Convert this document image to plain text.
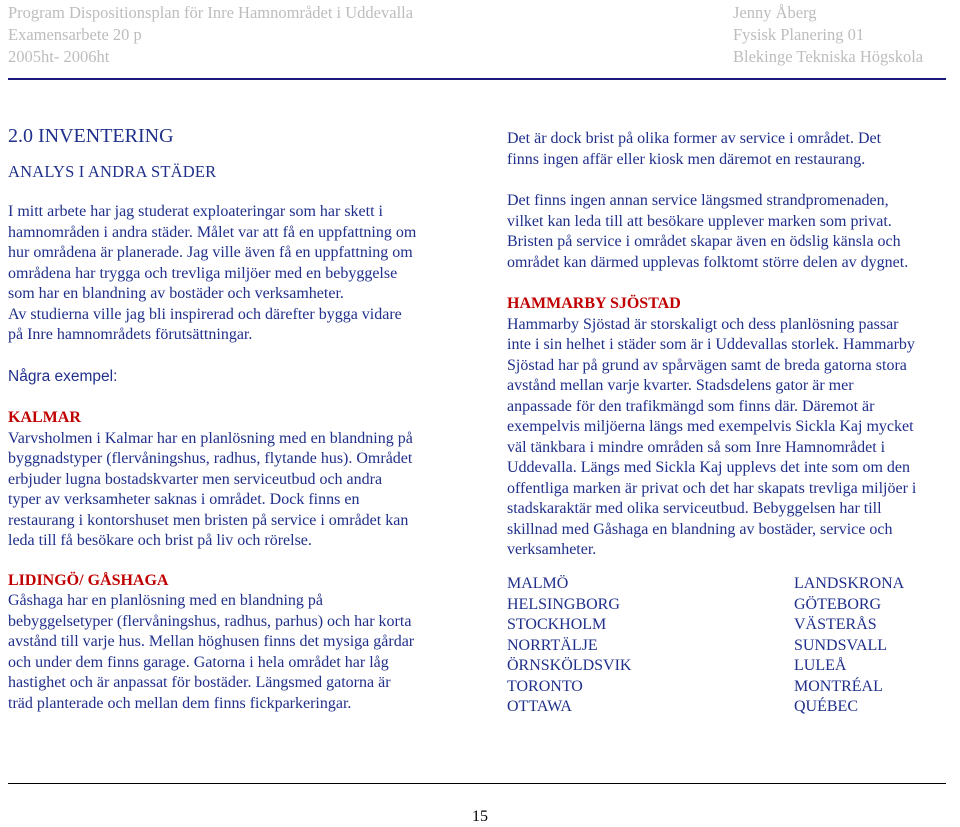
Program Dispositionsplan för Inre Hamnområdet i Uddevalla
Examensarbete 20 p
2005ht- 2006ht
Jenny Åberg
Fysisk Planering 01
Blekinge Tekniska Högskola

2.0 INVENTERING

ANALYS I ANDRA STÄDER

I mitt arbete har jag studerat exploateringar som har skett i

hamnområden i andra städer. Målet var att få en uppfattning om

hur områdena är planerade. Jag ville även få en uppfattning om

områdena har trygga och trevliga miljöer med en bebyggelse

som har en blandning av bostäder och verksamheter.

Av studierna ville jag bli inspirerad och därefter bygga vidare

på Inre hamnområdets förutsättningar.

Några exempel:

KALMAR

Varvsholmen i Kalmar har en planlösning med en blandning på

byggnadstyper (flervåningshus, radhus, flytande hus). Området

erbjuder lugna bostadskvarter men serviceutbud och andra

typer av verksamheter saknas i området. Dock finns en

restaurang i kontorshuset men bristen på service i området kan

leda till få besökare och brist på liv och rörelse.

LIDINGÖ/ GÅSHAGA

Gåshaga har en planlösning med en blandning på

bebyggelsetyper (flervåningshus, radhus, parhus) och har korta

avstånd till varje hus. Mellan höghusen finns det mysiga gårdar

och under dem finns garage. Gatorna i hela området har låg

hastighet och är anpassat för bostäder. Längsmed gatorna är

träd planterade och mellan dem finns fickparkeringar.

Det är dock brist på olika former av service i området. Det

finns ingen affär eller kiosk men däremot en restaurang.

Det finns ingen annan service längsmed strandpromenaden,

vilket kan leda till att besökare upplever marken som privat.

Bristen på service i området skapar även en ödslig känsla och

området kan därmed upplevas folktomt större delen av dygnet.

HAMMARBY SJÖSTAD

Hammarby Sjöstad är storskaligt och dess planlösning passar

inte i sin helhet i städer som är i Uddevallas storlek. Hammarby

Sjöstad har på grund av spårvägen samt de breda gatorna stora

avstånd mellan varje kvarter. Stadsdelens gator är mer

anpassade för den trafikmängd som finns där. Däremot är

exempelvis miljöerna längs med exempelvis Sickla Kaj mycket

väl tänkbara i mindre områden så som Inre Hamnområdet i

Uddevalla. Längs med Sickla Kaj upplevs det inte som om den

offentliga marken är privat och det har skapats trevliga miljöer i

stadskaraktär med olika serviceutbud. Bebyggelsen har till

skillnad med Gåshaga en blandning av bostäder, service och

verksamheter.

MALMÖ	LANDSKRONA
HELSINGBORG	GÖTEBORG
STOCKHOLM	VÄSTERÅS
NORRTÄLJE	SUNDSVALL
ÖRNSKÖLDSVIK	LULEÅ
TORONTO	MONTRÉAL
OTTAWA	QUÉBEC
15
